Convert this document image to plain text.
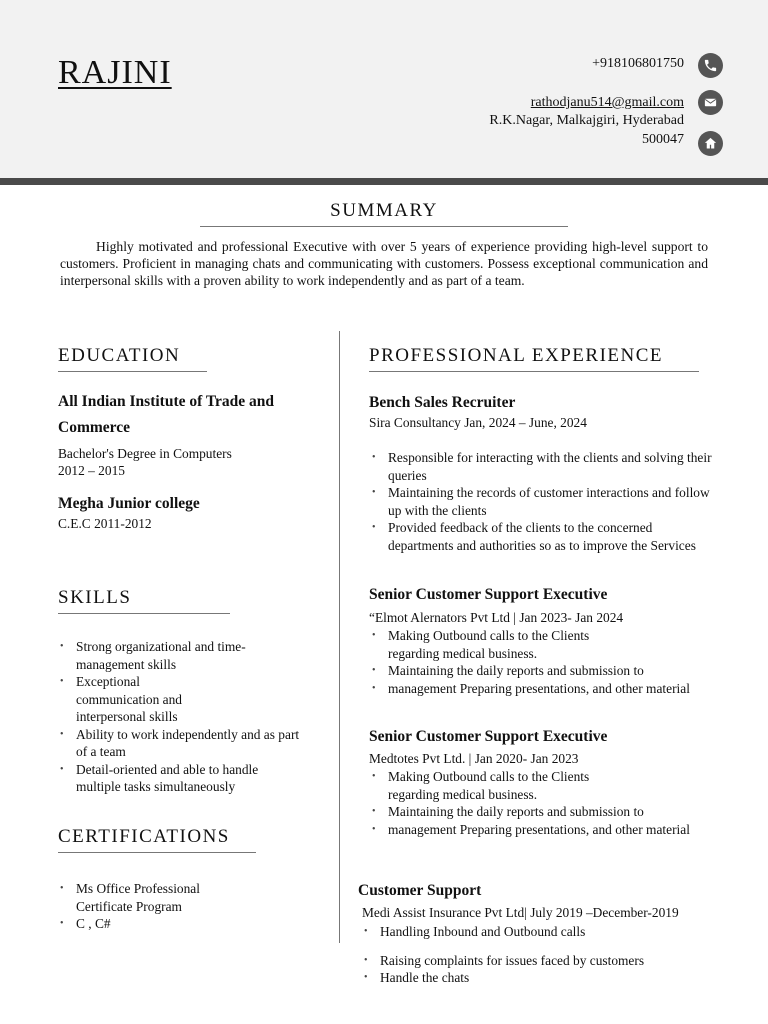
RAJINI	+918106801750
rathodjanu514@gmail.com
R.K.Nagar, Malkajgiri, Hyderabad
500047
SUMMARY

Highly motivated and professional Executive with over 5 years of experience providing high-level support to customers. Proficient in managing chats and communicating with customers. Possess exceptional communication and interpersonal skills with a proven ability to work independently and as part of a team.

EDUCATION
All Indian Institute of Trade and
Commerce
Bachelor's Degree in Computers
2012 – 2015
Megha Junior college
C.E.C 2011-2012
SKILLS
• Strong organizational and time-management skills
• Exceptional communication and interpersonal skills
• Ability to work independently and as part of a team
• Detail-oriented and able to handle multiple tasks simultaneously
CERTIFICATIONS
• Ms Office Professional Certificate Program
• C , C#
PROFESSIONAL EXPERIENCE
Bench Sales Recruiter
Sira Consultancy Jan, 2024 – June, 2024
• Responsible for interacting with the clients and solving their queries
• Maintaining the records of customer interactions and follow up with the clients
• Provided feedback of the clients to the concerned departments and authorities so as to improve the Services
Senior Customer Support Executive
“Elmot Alernators Pvt Ltd | Jan 2023- Jan 2024
• Making Outbound calls to the Clients regarding medical business.
• Maintaining the daily reports and submission to
• management Preparing presentations, and other material
Senior Customer Support Executive
Medtotes Pvt Ltd. | Jan 2020- Jan 2023
• Making Outbound calls to the Clients regarding medical business.
• Maintaining the daily reports and submission to
• management Preparing presentations, and other material
Customer Support
Medi Assist Insurance Pvt Ltd| July 2019 –December-2019
• Handling Inbound and Outbound calls
• Raising complaints for issues faced by customers
• Handle the chats
